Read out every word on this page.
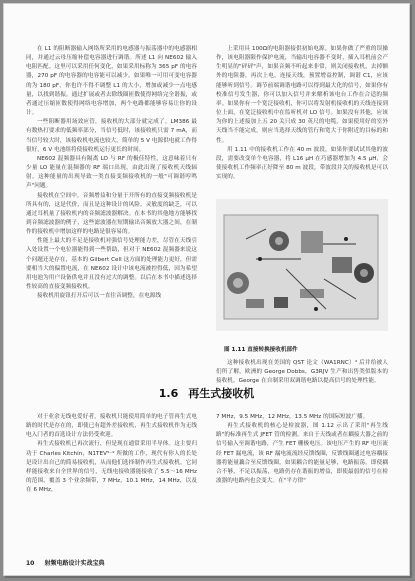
在 L1 的阻断器输入网络所采用的电感器与振荡器中的电感器相同，并通过云母压缩补偿电容器进行调谐。所述 L1 向 NE602 输入电阻匹配。这里可以采用任何变化，如果采用标称为 365 pF 的电容器，270 pF 的电容器的电容能可以减少。如果唯一可用可变电容器的为 180 pF，你也许不得不调整 L1 的大小，增加或减少一点电感量，以找到谐振。通过扩展或者去除线圈匝数使得网络完全谐振，或者通过压缩匝数使得网络电容增加，两个电路都能够容易让你的设计。

一些阻断器用场效应管，接收机的大部分就完成了。LM386 最有数热打要求的低频率部分，当信号低时，该接收机只需 7 mA，而当信号较大时，该接收机电流也较大。简单的 5 V 电源供电就工作得很好，6 V 电池组将使接收机运行更长的时间。

NE602 混频器具有隔离 LO 与 RF 的极佳特性，这意味着只有少量 LO 能量在混频器的 RF 端口出现，由此出现了接收机天线辐射。这种能量的出现导致一类直接变频接收机的一般"可调谐哼鸣声"问题。

接收机在空间中，音频增益和分量于开所有的直接变频接收机是所具有的，这是代价，而且是这种设计的风险。灵敏度的缺乏，可以通过耳机量了接收机内的音频滤波器解决。在本书的其他地方能够找到音频滤波器的例子，这些滤波器在短期输出音频放大器之间，在制作的接收机中增加这样的电路是很容易的。

性能上最大的不足是接收机对强信号处理能力差，尽管在天线引入处设置一个电位器能得到一些帮助，但对于 NE602 混频器来说这个问题还是存在，基本的 Gilbert Cell 这方面的处理能力更好，但需要相当大的偏置电流，在 NE602 设计中该电流被控得低，因为希望用电池为用户设备供电并且没有过大的调整。以后在本书中描述选择性较高的直接变频接收机。

接收机用旋钮打开后可以一直往音调整，在电源线

上采用具 100Ω的电阻器接供初始电源。如果你做了严重的误操作，该电阻器限作保护电流，当输出电容器不变时，插入耳机前会产生明显的"砰砰"声，如果音频不听起来非常，则关闭接收机，去掉额外的电阻器，再次上电。连接天线，预置增益控制，调谐 C1，应该能够听到信号。调节前端调谐电路可以得到最大化的信号，如果你有校准信号发生器，你可以加入信号并来解析该电台工作在合适的频率。如果你有一个宽泛接收机，你可以将发射机接收机的天线连接到位上面，在宽泛接收机中在监听机对 LO 信号。如果没有其他，应该为你的上述接加上五 20 关只成 30 英尺的电缆，如果使用好的室外天线当不能完成，则应当选择天线的管行和宽大于你附近的目标的和性。

用 1.11 中的接收机工作在 40 m 波段，如果你要试试其他的波段，需要改变单个电容器，将 L16 μH 在巧感器增加为 4.5 μH，会使接收机工作频率正好降至 80 m 波段，带波段并关的接收机是可以实现的。

图 1.11 直接转换接收机部件

这种接收机出现在美国的 QST 论文（WA1RNC）⁴ 后并给被人们所了解，欧洲的 George Dobbs，G3RJV 生产和出售类似版本的接收机。George 在自制采用双调谐电路以提高信号的处理性能。

1.6 再生式接收机

对于业余无线电爱好者，接收机只能使用简单的电子管再生式电路的时代是存在的，即使已有超外差接收机，再生式接收机作为无线电入门者的首选设计方法仍受欢迎。

再生式接收机已再次流行，但是现在通常采用半导体。这主要归功于 Charles Kitchin，N1TEV⁵⁻⁹ 所做的工作，现代有你人的长处是设计出自己的简易接收机，从而他们选择制作再生式接收机。它同样能接收来自全世界的信号，无线电接收器能接收了 5.5～16 MHz 的范围，覆盖 3 个业余频带，7 MHz，10.1 MHz，14 MHz，以及在 6 MHz，

7 MHz，9.5 MHz，12 MHz，13.5 MHz 的国际短波广播。

再生式接收机的核心是检波器，图 1.12 示出了采用"再生线路"的标准再生式 JFET 管的检测。来自于天线或者在耦接大器之前的信号输入至调谐电路，产生 FET 栅极电压。该电压产生的 RF 电压流经 FET 漏电流，该 RF 漏电流流经反馈线圈，反馈线圈通过电容耦接器将能量藕合至反馈线圈，如果耦合的能量足够，电路振荡。即使耦合不够，不足以振荡，电路仍存在谐振的增益，即使最弱的信号在检波器的电路内也会变大。在"平方律"

10 射频电路设计实战宝典
